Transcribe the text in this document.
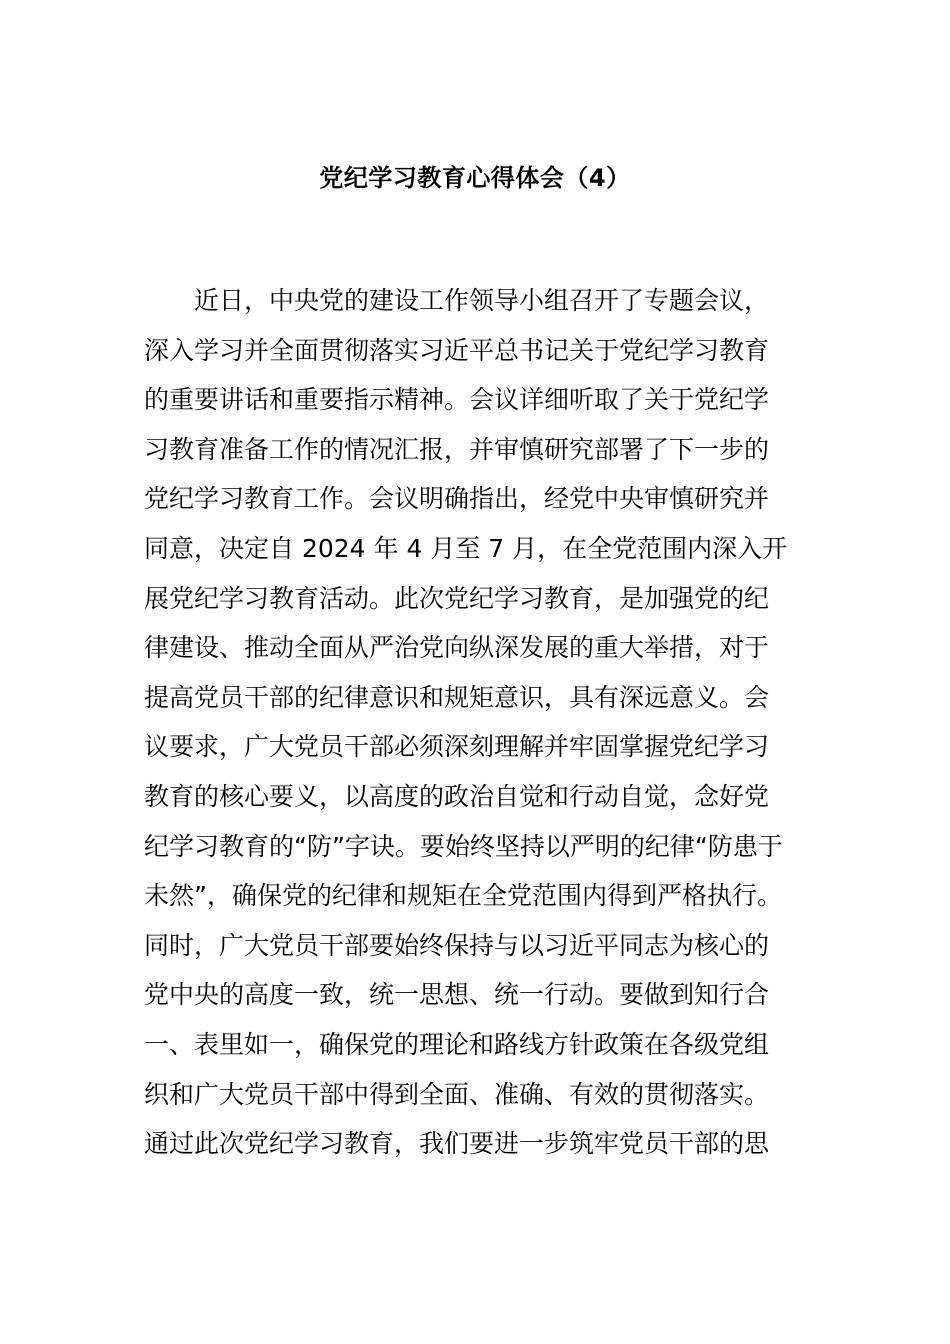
党纪学习教育心得体会（4）
近日，中央党的建设工作领导小组召开了专题会议，
深入学习并全面贯彻落实习近平总书记关于党纪学习教育
的重要讲话和重要指示精神。会议详细听取了关于党纪学
习教育准备工作的情况汇报，并审慎研究部署了下一步的
党纪学习教育工作。会议明确指出，经党中央审慎研究并
同意，决定自 2024 年 4 月至 7 月，在全党范围内深入开
展党纪学习教育活动。此次党纪学习教育，是加强党的纪
律建设、推动全面从严治党向纵深发展的重大举措，对于
提高党员干部的纪律意识和规矩意识，具有深远意义。会
议要求，广大党员干部必须深刻理解并牢固掌握党纪学习
教育的核心要义，以高度的政治自觉和行动自觉，念好党
纪学习教育的“防”字诀。要始终坚持以严明的纪律“防患于
未然”，确保党的纪律和规矩在全党范围内得到严格执行。
同时，广大党员干部要始终保持与以习近平同志为核心的
党中央的高度一致，统一思想、统一行动。要做到知行合
一、表里如一，确保党的理论和路线方针政策在各级党组
织和广大党员干部中得到全面、准确、有效的贯彻落实。
通过此次党纪学习教育，我们要进一步筑牢党员干部的思
